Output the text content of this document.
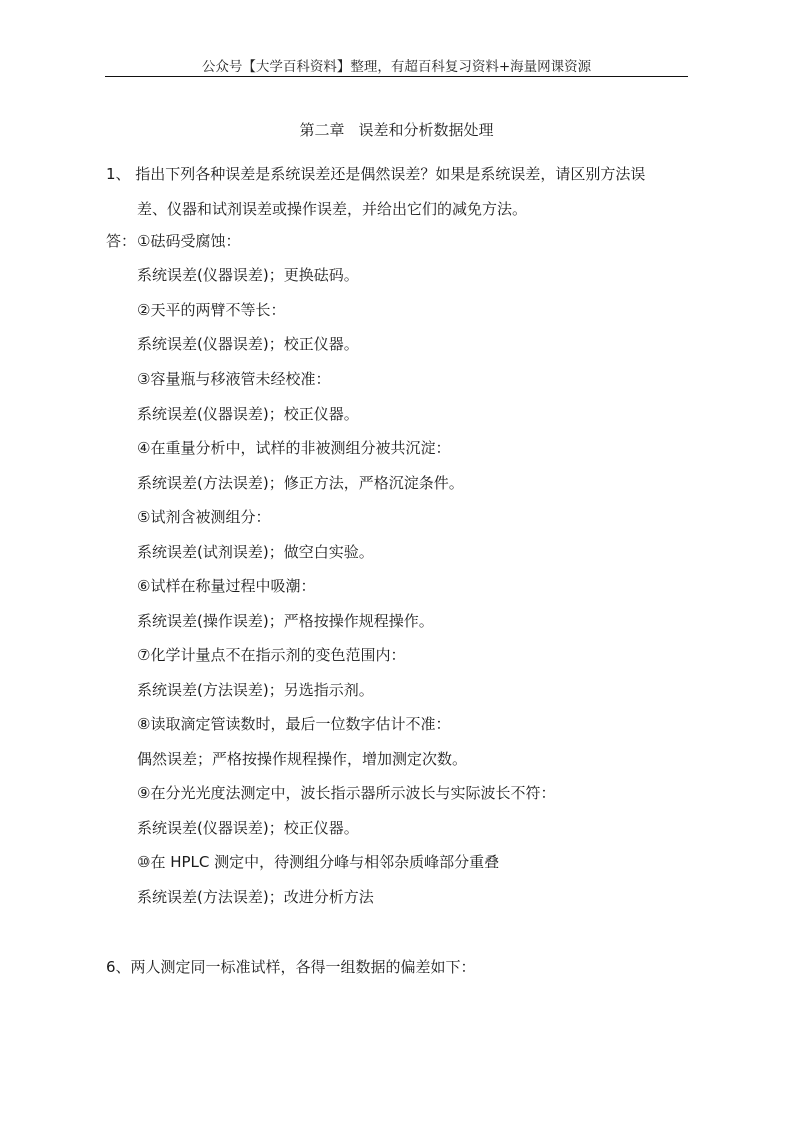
公众号【大学百科资料】整理，有超百科复习资料+海量网课资源
第二章 误差和分析数据处理
1、 指出下列各种误差是系统误差还是偶然误差？如果是系统误差，请区别方法误
差、仪器和试剂误差或操作误差，并给出它们的减免方法。
答： ①砝码受腐蚀：
系统误差(仪器误差)；更换砝码。
②天平的两臂不等长：
系统误差(仪器误差)；校正仪器。
③容量瓶与移液管未经校准：
系统误差(仪器误差)；校正仪器。
④在重量分析中，试样的非被测组分被共沉淀：
系统误差(方法误差)；修正方法，严格沉淀条件。
⑤试剂含被测组分：
系统误差(试剂误差)；做空白实验。
⑥试样在称量过程中吸潮：
系统误差(操作误差)；严格按操作规程操作。
⑦化学计量点不在指示剂的变色范围内：
系统误差(方法误差)；另选指示剂。
⑧读取滴定管读数时，最后一位数字估计不准：
偶然误差；严格按操作规程操作，增加测定次数。
⑨在分光光度法测定中，波长指示器所示波长与实际波长不符：
系统误差(仪器误差)；校正仪器。
⑩在 HPLC 测定中，待测组分峰与相邻杂质峰部分重叠
系统误差(方法误差)；改进分析方法
6、两人测定同一标准试样，各得一组数据的偏差如下：
